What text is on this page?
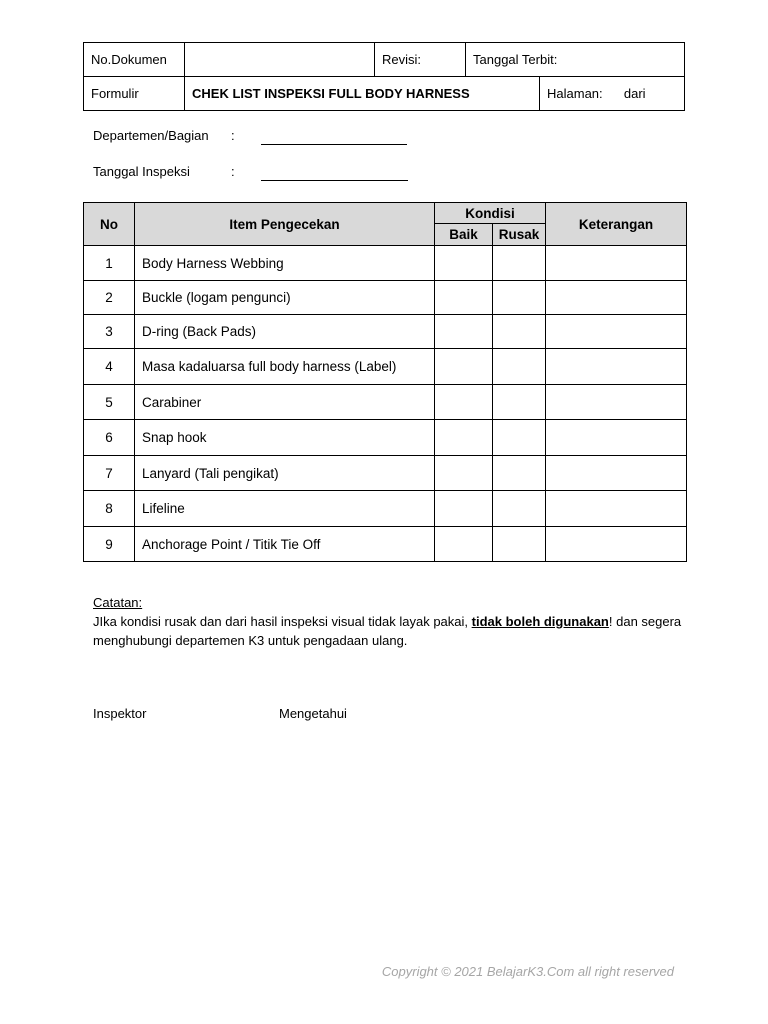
No.Dokumen		Revisi:	Tanggal Terbit:	
Formulir	CHEK LIST INSPEKSI FULL BODY HARNESS			Halaman: dari
Departemen/Bagian :
Tanggal Inspeksi	:
No	Item Pengecekan	Kondisi		Keterangan
		Baik	Rusak	
1	Body Harness Webbing			
2	Buckle (logam pengunci)			
3	D-ring (Back Pads)			
4	Masa kadaluarsa full body harness (Label)			
5	Carabiner			
6	Snap hook			
7	Lanyard (Tali pengikat)			
8	Lifeline			
9	Anchorage Point / Titik Tie Off			
Catatan:
JIka kondisi rusak dan dari hasil inspeksi visual tidak layak pakai, tidak boleh digunakan! dan segera menghubungi departemen K3 untuk pengadaan ulang.
Inspektor	Mengetahui
Copyright © 2021 BelajarK3.Com all right reserved
